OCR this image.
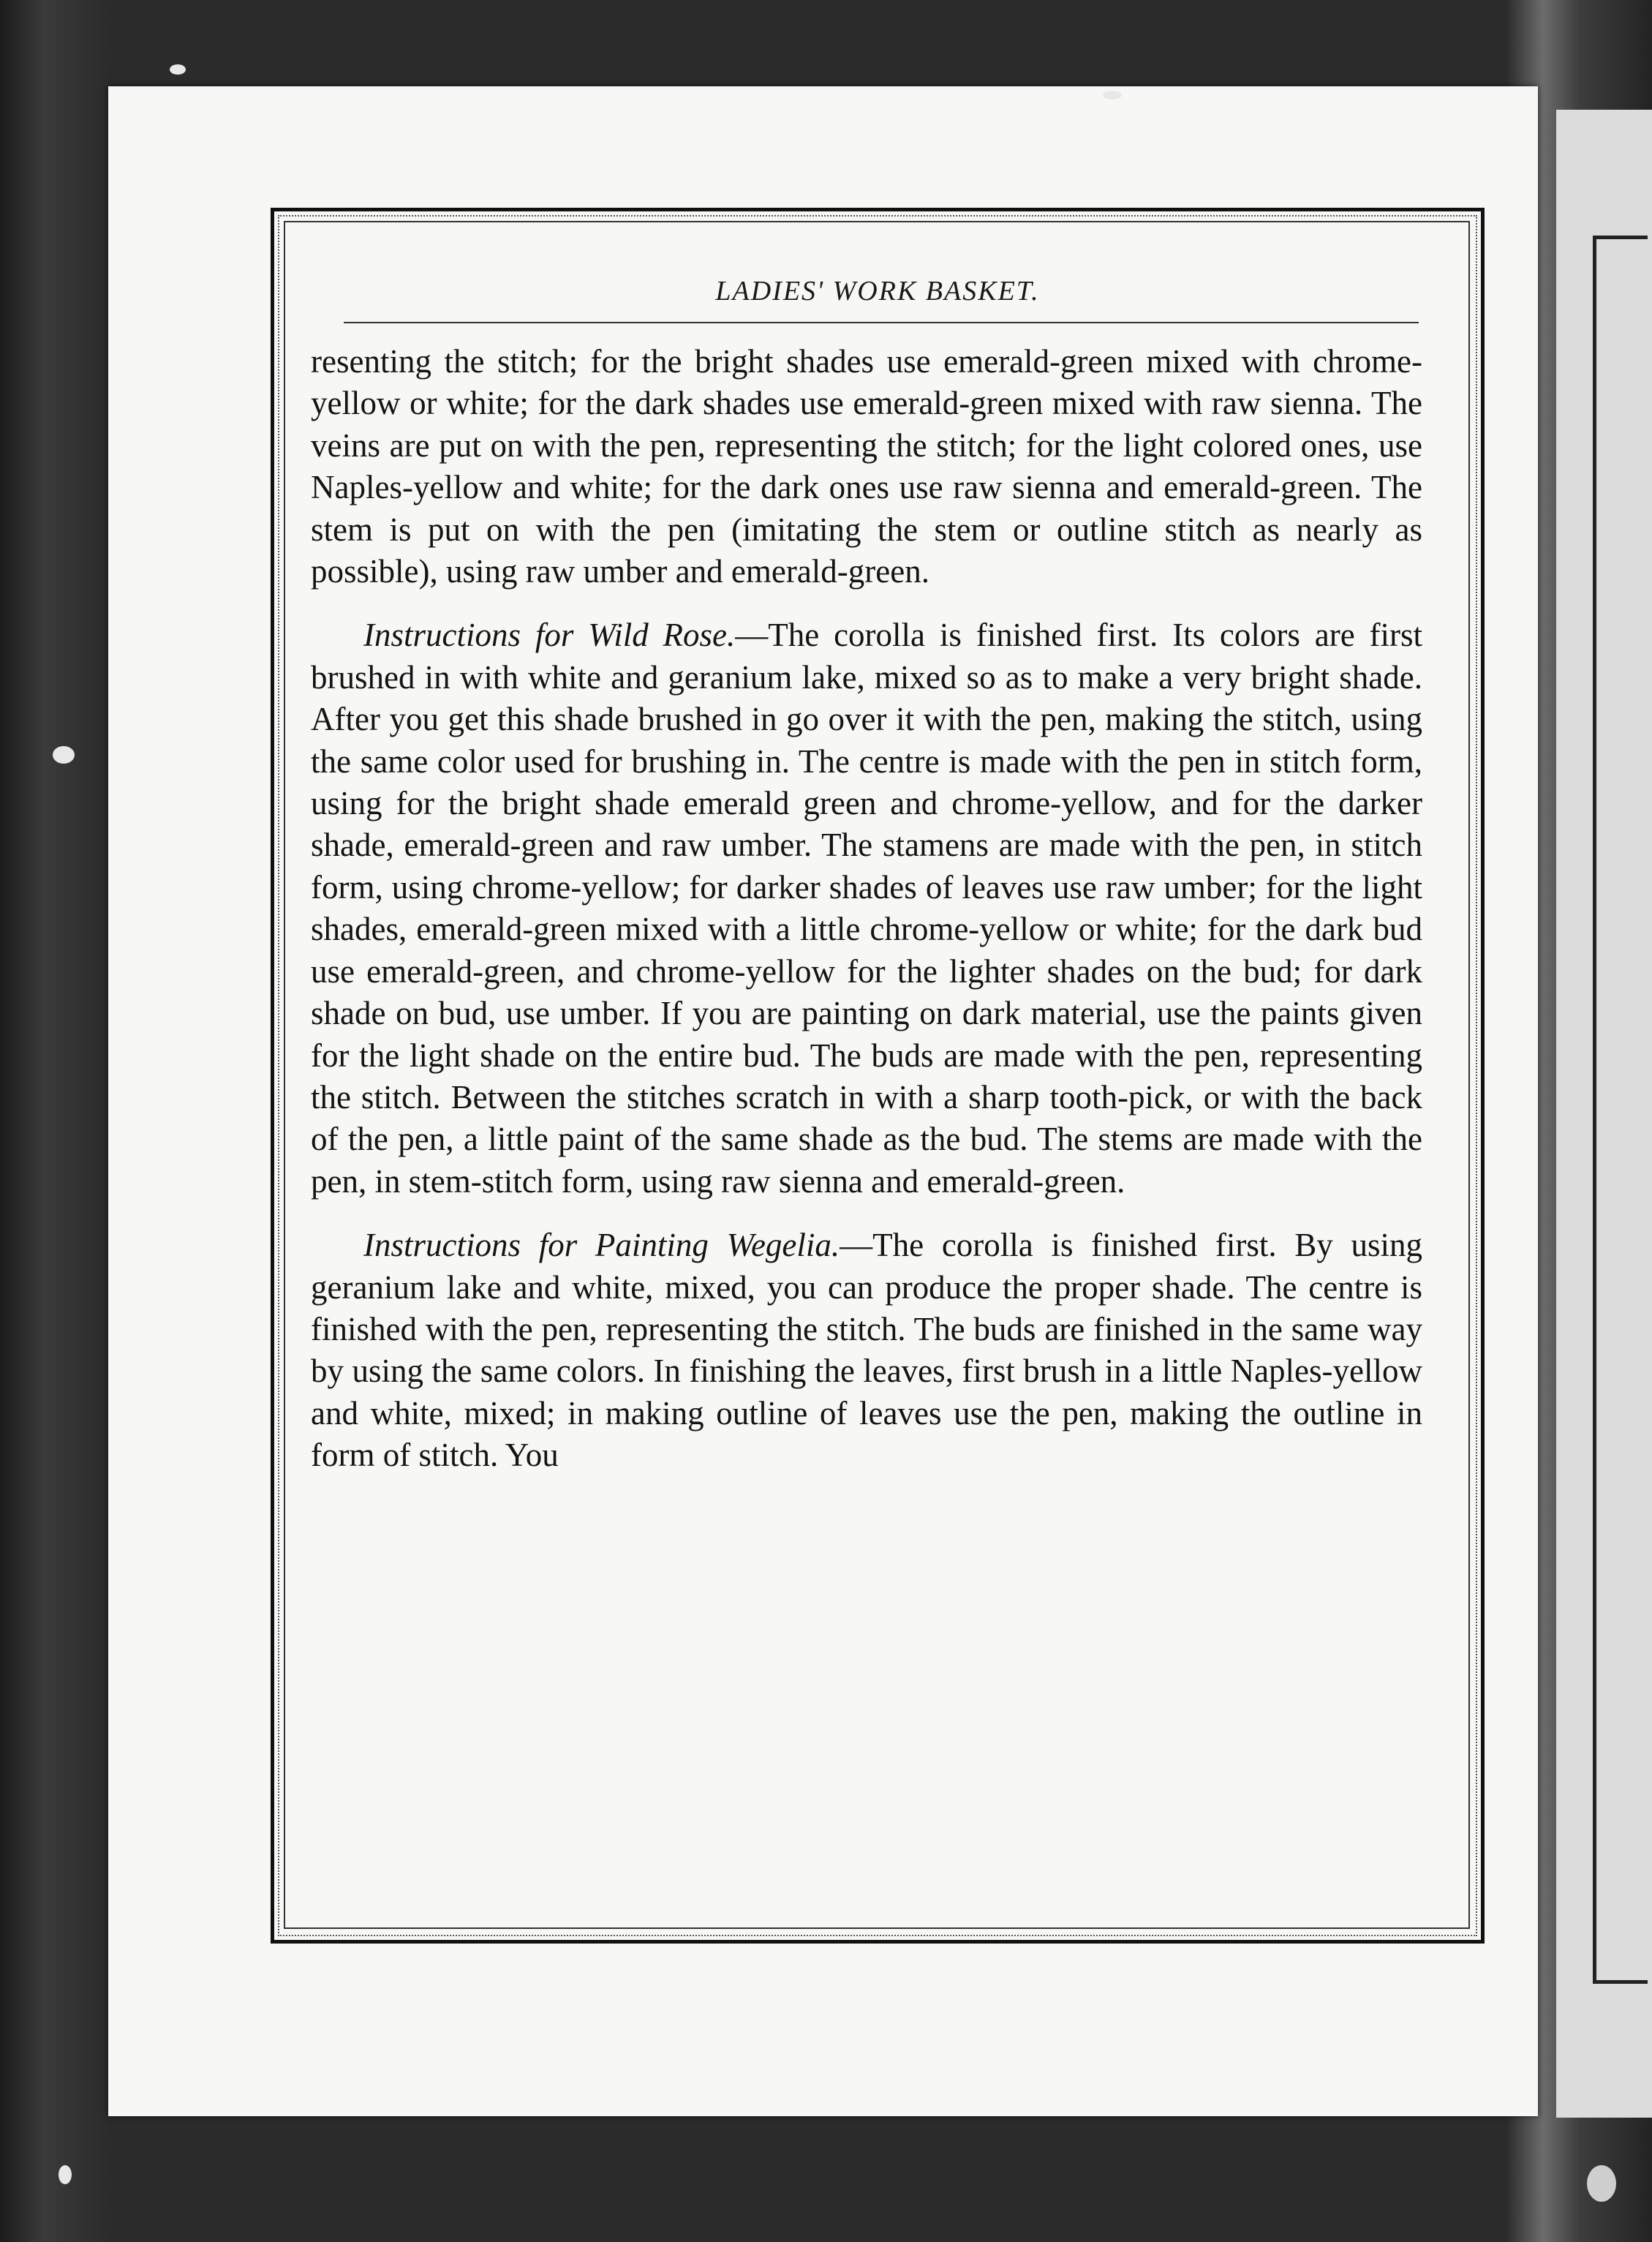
LADIES' WORK BASKET.

resenting the stitch; for the bright shades use emerald-green mixed with chrome-yellow or white; for the dark shades use emerald-green mixed with raw sienna. The veins are put on with the pen, representing the stitch; for the light colored ones, use Naples-yellow and white; for the dark ones use raw sienna and emerald-green. The stem is put on with the pen (imitating the stem or outline stitch as nearly as possible), using raw umber and emerald-green.

Instructions for Wild Rose.—The corolla is finished first. Its colors are first brushed in with white and geranium lake, mixed so as to make a very bright shade. After you get this shade brushed in go over it with the pen, making the stitch, using the same color used for brushing in. The centre is made with the pen in stitch form, using for the bright shade emerald green and chrome-yellow, and for the darker shade, emerald-green and raw umber. The stamens are made with the pen, in stitch form, using chrome-yellow; for darker shades of leaves use raw umber; for the light shades, emerald-green mixed with a little chrome-yellow or white; for the dark bud use emerald-green, and chrome-yellow for the lighter shades on the bud; for dark shade on bud, use umber. If you are painting on dark material, use the paints given for the light shade on the entire bud. The buds are made with the pen, representing the stitch. Between the stitches scratch in with a sharp tooth-pick, or with the back of the pen, a little paint of the same shade as the bud. The stems are made with the pen, in stem-stitch form, using raw sienna and emerald-green.

Instructions for Painting Wegelia.—The corolla is finished first. By using geranium lake and white, mixed, you can produce the proper shade. The centre is finished with the pen, representing the stitch. The buds are finished in the same way by using the same colors. In finishing the leaves, first brush in a little Naples-yellow and white, mixed; in making outline of leaves use the pen, making the outline in form of stitch. You
